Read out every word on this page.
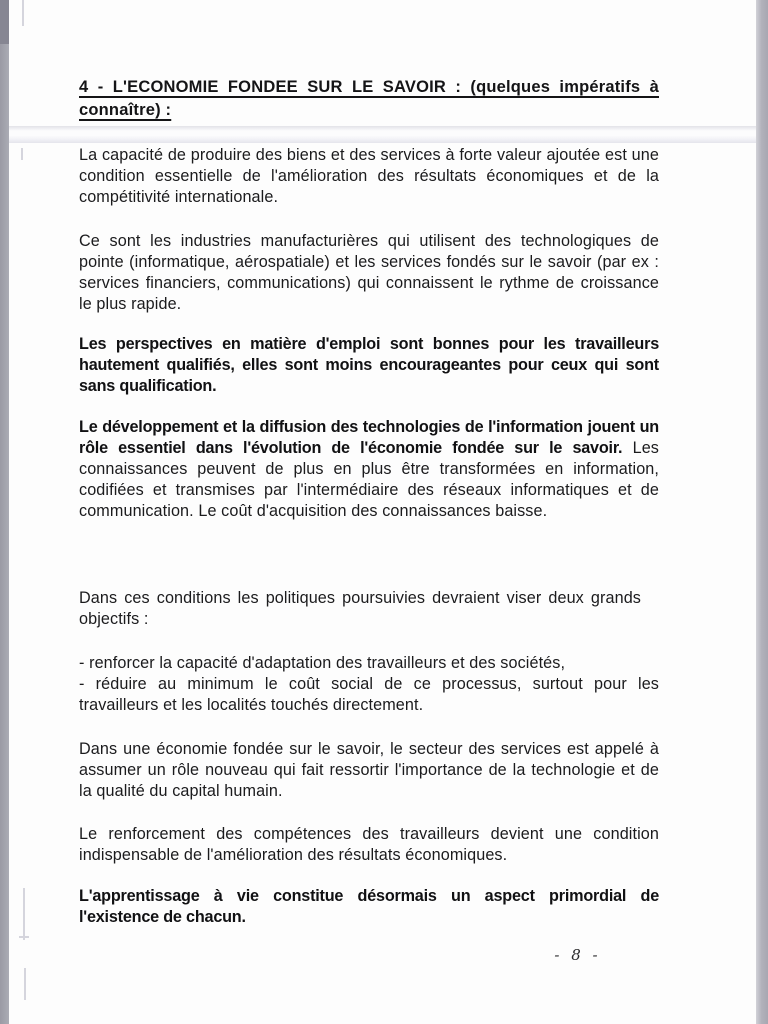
4 - L'ECONOMIE FONDEE SUR LE SAVOIR : (quelques impératifs à connaître) :

La capacité de produire des biens et des services à forte valeur ajoutée est une condition essentielle de l'amélioration des résultats économiques et de la compétitivité internationale.

Ce sont les industries manufacturières qui utilisent des technologiques de pointe (informatique, aérospatiale) et les services fondés sur le savoir (par ex : services financiers, communications) qui connaissent le rythme de croissance le plus rapide.

Les perspectives en matière d'emploi sont bonnes pour les travailleurs hautement qualifiés, elles sont moins encourageantes pour ceux qui sont sans qualification.

Le développement et la diffusion des technologies de l'information jouent un rôle essentiel dans l'évolution de l'économie fondée sur le savoir. Les connaissances peuvent de plus en plus être transformées en information, codifiées et transmises par l'intermédiaire des réseaux informatiques et de communication. Le coût d'acquisition des connaissances baisse.

Dans ces conditions les politiques poursuivies devraient viser deux grands objectifs :

- renforcer la capacité d'adaptation des travailleurs et des sociétés,
- réduire au minimum le coût social de ce processus, surtout pour les travailleurs et les localités touchés directement.

Dans une économie fondée sur le savoir, le secteur des services est appelé à assumer un rôle nouveau qui fait ressortir l'importance de la technologie et de la qualité du capital humain.

Le renforcement des compétences des travailleurs devient une condition indispensable de l'amélioration des résultats économiques.

L'apprentissage à vie constitue désormais un aspect primordial de l'existence de chacun.

- 8 -
